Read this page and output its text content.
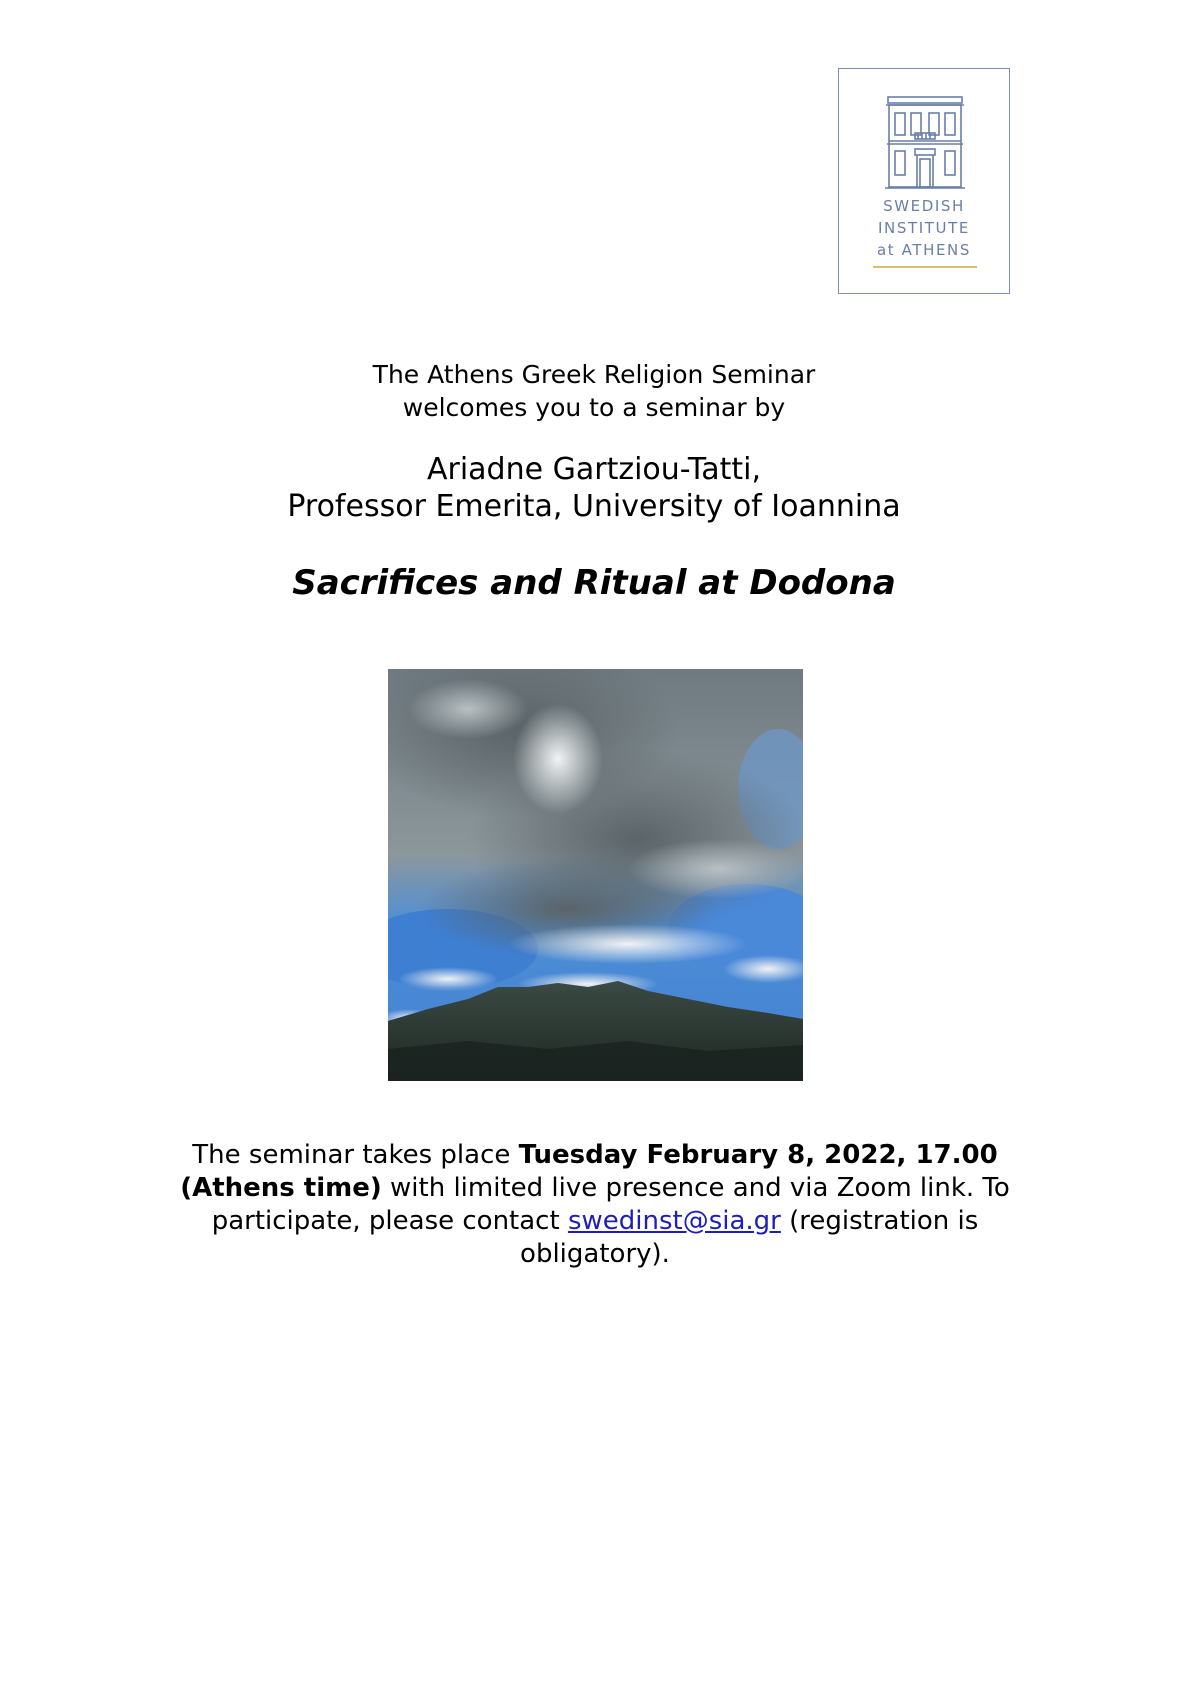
SWEDISH
INSTITUTE
at ATHENS
The Athens Greek Religion Seminar
welcomes you to a seminar by
Ariadne Gartziou-Tatti,
Professor Emerita, University of Ioannina
Sacrifices and Ritual at Dodona
The seminar takes place Tuesday February 8, 2022, 17.00 (Athens time) with limited live presence and via Zoom link. To participate, please contact swedinst@sia.gr (registration is obligatory).
